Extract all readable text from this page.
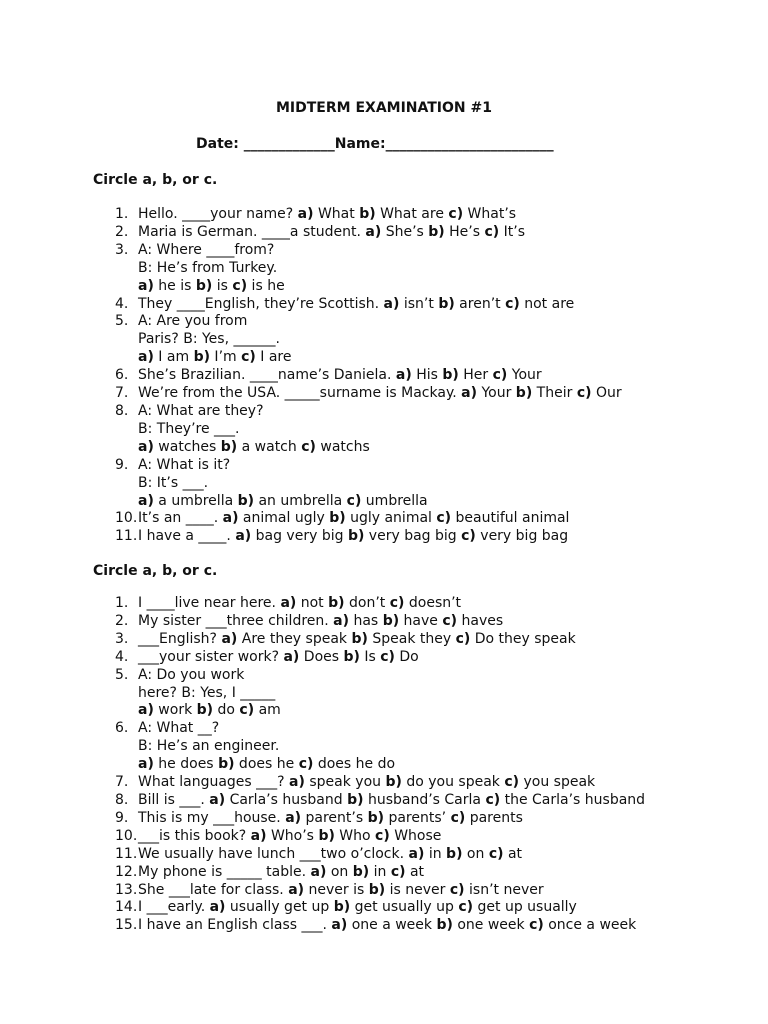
MIDTERM EXAMINATION #1
Date: _____________Name:________________________
Circle a, b, or c.
1. Hello. ____your name? a) What b) What are c) What’s
2. Maria is German. ____a student. a) She’s b) He’s c) It’s
3. A: Where ____from?
B: He’s from Turkey.
a) he is b) is c) is he
4. They ____English, they’re Scottish. a) isn’t b) aren’t c) not are
5. A: Are you from
Paris? B: Yes, ______.
a) I am b) I’m c) I are
6. She’s Brazilian. ____name’s Daniela. a) His b) Her c) Your
7. We’re from the USA. _____surname is Mackay. a) Your b) Their c) Our
8. A: What are they?
B: They’re ___.
a) watches b) a watch c) watchs
9. A: What is it?
B: It’s ___.
a) a umbrella b) an umbrella c) umbrella
10. It’s an ____. a) animal ugly b) ugly animal c) beautiful animal
11. I have a ____. a) bag very big b) very bag big c) very big bag
Circle a, b, or c.
1. I ____live near here. a) not b) don’t c) doesn’t
2. My sister ___three children. a) has b) have c) haves
3. ___English? a) Are they speak b) Speak they c) Do they speak
4. ___your sister work? a) Does b) Is c) Do
5. A: Do you work
here? B: Yes, I _____
a) work b) do c) am
6. A: What __?
B: He’s an engineer.
a) he does b) does he c) does he do
7. What languages ___? a) speak you b) do you speak c) you speak
8. Bill is ___. a) Carla’s husband b) husband’s Carla c) the Carla’s husband
9. This is my ___house. a) parent’s b) parents’ c) parents
10. ___is this book? a) Who’s b) Who c) Whose
11. We usually have lunch ___two o’clock. a) in b) on c) at
12. My phone is _____ table. a) on b) in c) at
13. She ___late for class. a) never is b) is never c) isn’t never
14. I ___early. a) usually get up b) get usually up c) get up usually
15. I have an English class ___. a) one a week b) one week c) once a week
